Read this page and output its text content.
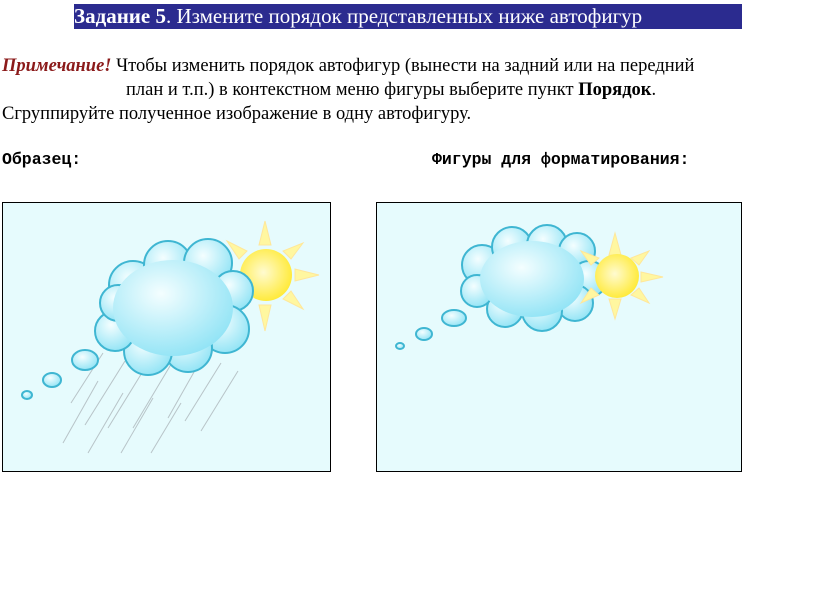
Задание 5. Измените порядок представленных ниже автофигур
Примечание! Чтобы изменить порядок автофигур (вынести на задний или на передний
план и т.п.) в контекстном меню фигуры выберите пункт Порядок.
Сгруппируйте полученное изображение в одну автофигуру.
Образец:	Фигуры для форматирования:
